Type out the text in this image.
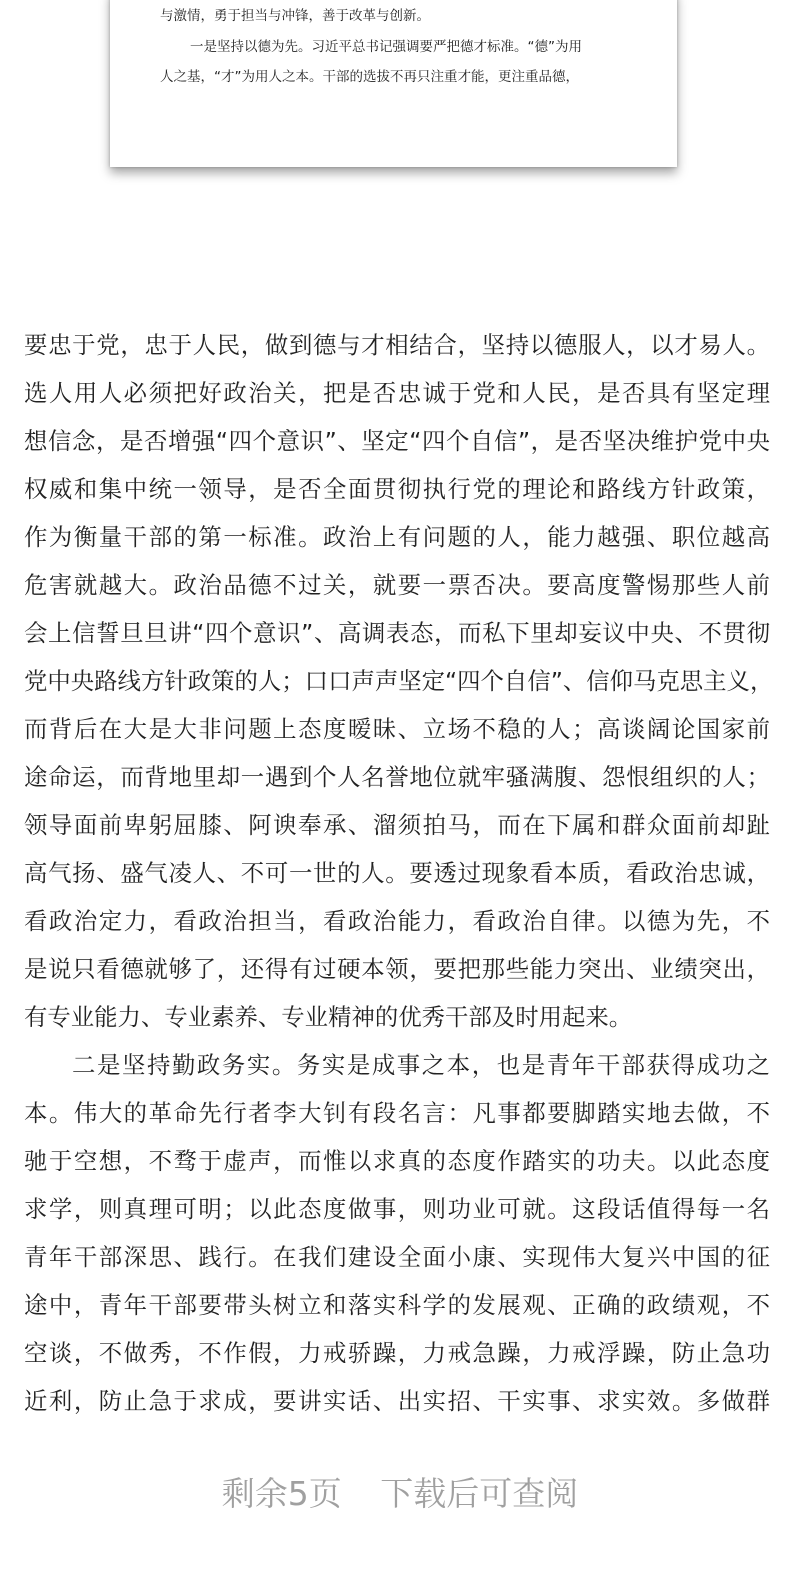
与激情，勇于担当与冲锋，善于改革与创新。
一是坚持以德为先。习近平总书记强调要严把德才标准。“德”为用
人之基，“才”为用人之本。干部的选拔不再只注重才能，更注重品德，
要忠于党，忠于人民，做到德与才相结合，坚持以德服人，以才易人。
选人用人必须把好政治关，把是否忠诚于党和人民，是否具有坚定理
想信念，是否增强“四个意识”、坚定“四个自信”，是否坚决维护党中央
权威和集中统一领导，是否全面贯彻执行党的理论和路线方针政策，
作为衡量干部的第一标准。政治上有问题的人，能力越强、职位越高
危害就越大。政治品德不过关，就要一票否决。要高度警惕那些人前
会上信誓旦旦讲“四个意识”、高调表态，而私下里却妄议中央、不贯彻
党中央路线方针政策的人；口口声声坚定“四个自信”、信仰马克思主义，
而背后在大是大非问题上态度暧昧、立场不稳的人；高谈阔论国家前
途命运，而背地里却一遇到个人名誉地位就牢骚满腹、怨恨组织的人；
领导面前卑躬屈膝、阿谀奉承、溜须拍马，而在下属和群众面前却趾
高气扬、盛气凌人、不可一世的人。要透过现象看本质，看政治忠诚，
看政治定力，看政治担当，看政治能力，看政治自律。以德为先，不
是说只看德就够了，还得有过硬本领，要把那些能力突出、业绩突出，
有专业能力、专业素养、专业精神的优秀干部及时用起来。
二是坚持勤政务实。务实是成事之本，也是青年干部获得成功之
本。伟大的革命先行者李大钊有段名言：凡事都要脚踏实地去做，不
驰于空想，不骛于虚声，而惟以求真的态度作踏实的功夫。以此态度
求学，则真理可明；以此态度做事，则功业可就。这段话值得每一名
青年干部深思、践行。在我们建设全面小康、实现伟大复兴中国的征
途中，青年干部要带头树立和落实科学的发展观、正确的政绩观，不
空谈，不做秀，不作假，力戒骄躁，力戒急躁，力戒浮躁，防止急功
近利，防止急于求成，要讲实话、出实招、干实事、求实效。多做群
剩余5页 下载后可查阅
